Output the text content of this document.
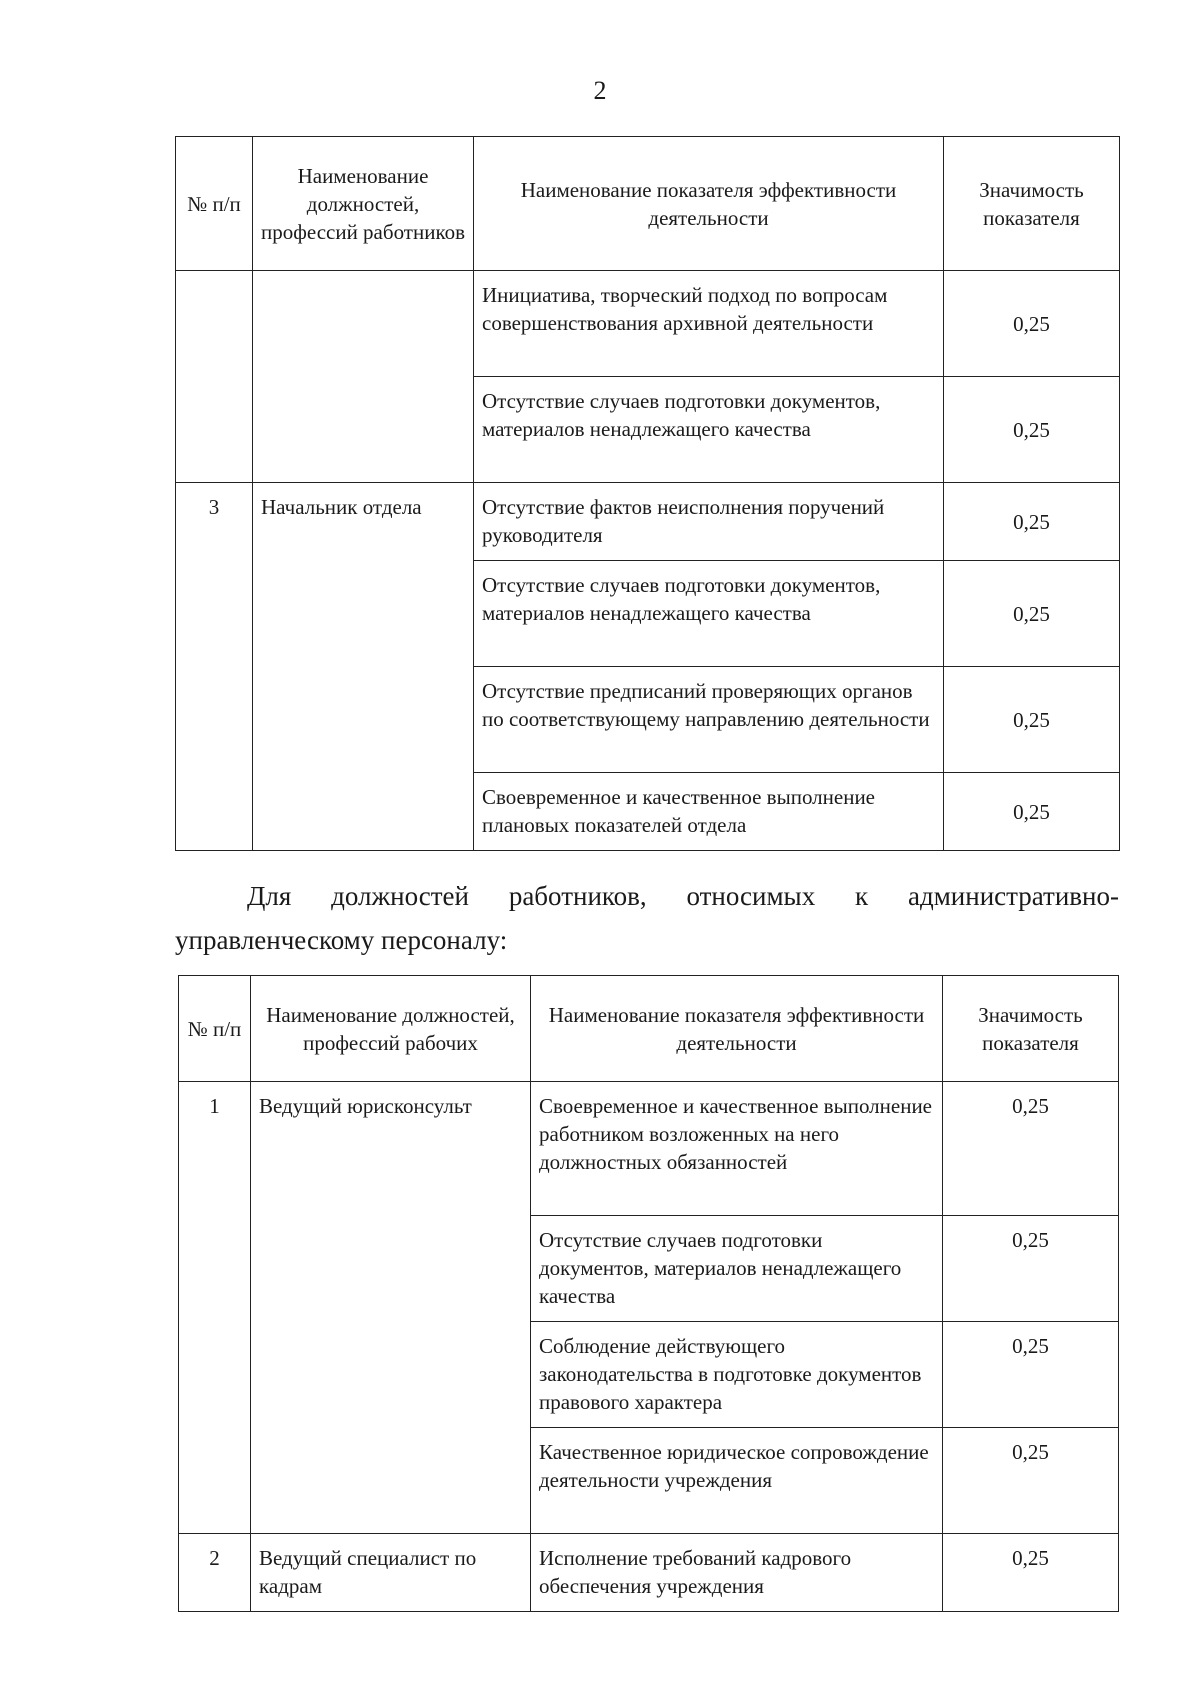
2
№ п/п	Наименование должностей, профессий работников	Наименование показателя эффективности деятельности	Значимость показателя
		Инициатива, творческий подход по вопросам совершенствования архивной деятельности	0,25
		Отсутствие случаев подготовки документов, материалов ненадлежащего качества	0,25
3	Начальник отдела	Отсутствие фактов неисполнения поручений руководителя	0,25
		Отсутствие случаев подготовки документов, материалов ненадлежащего качества	0,25
		Отсутствие предписаний проверяющих органов по соответствующему направлению деятельности	0,25
		Своевременное и качественное выполнение плановых показателей отдела	0,25
Для должностей работников, относимых к административно-
управленческому персоналу:
№ п/п	Наименование должностей, профессий рабочих	Наименование показателя эффективности деятельности	Значимость показателя
1	Ведущий юрисконсульт	Своевременное и качественное выполнение работником возложенных на него должностных обязанностей	0,25
		Отсутствие случаев подготовки документов, материалов ненадлежащего качества	0,25
		Соблюдение действующего законодательства в подготовке документов правового характера	0,25
		Качественное юридическое сопровождение деятельности учреждения	0,25
2	Ведущий специалист по кадрам	Исполнение требований кадрового обеспечения учреждения	0,25
